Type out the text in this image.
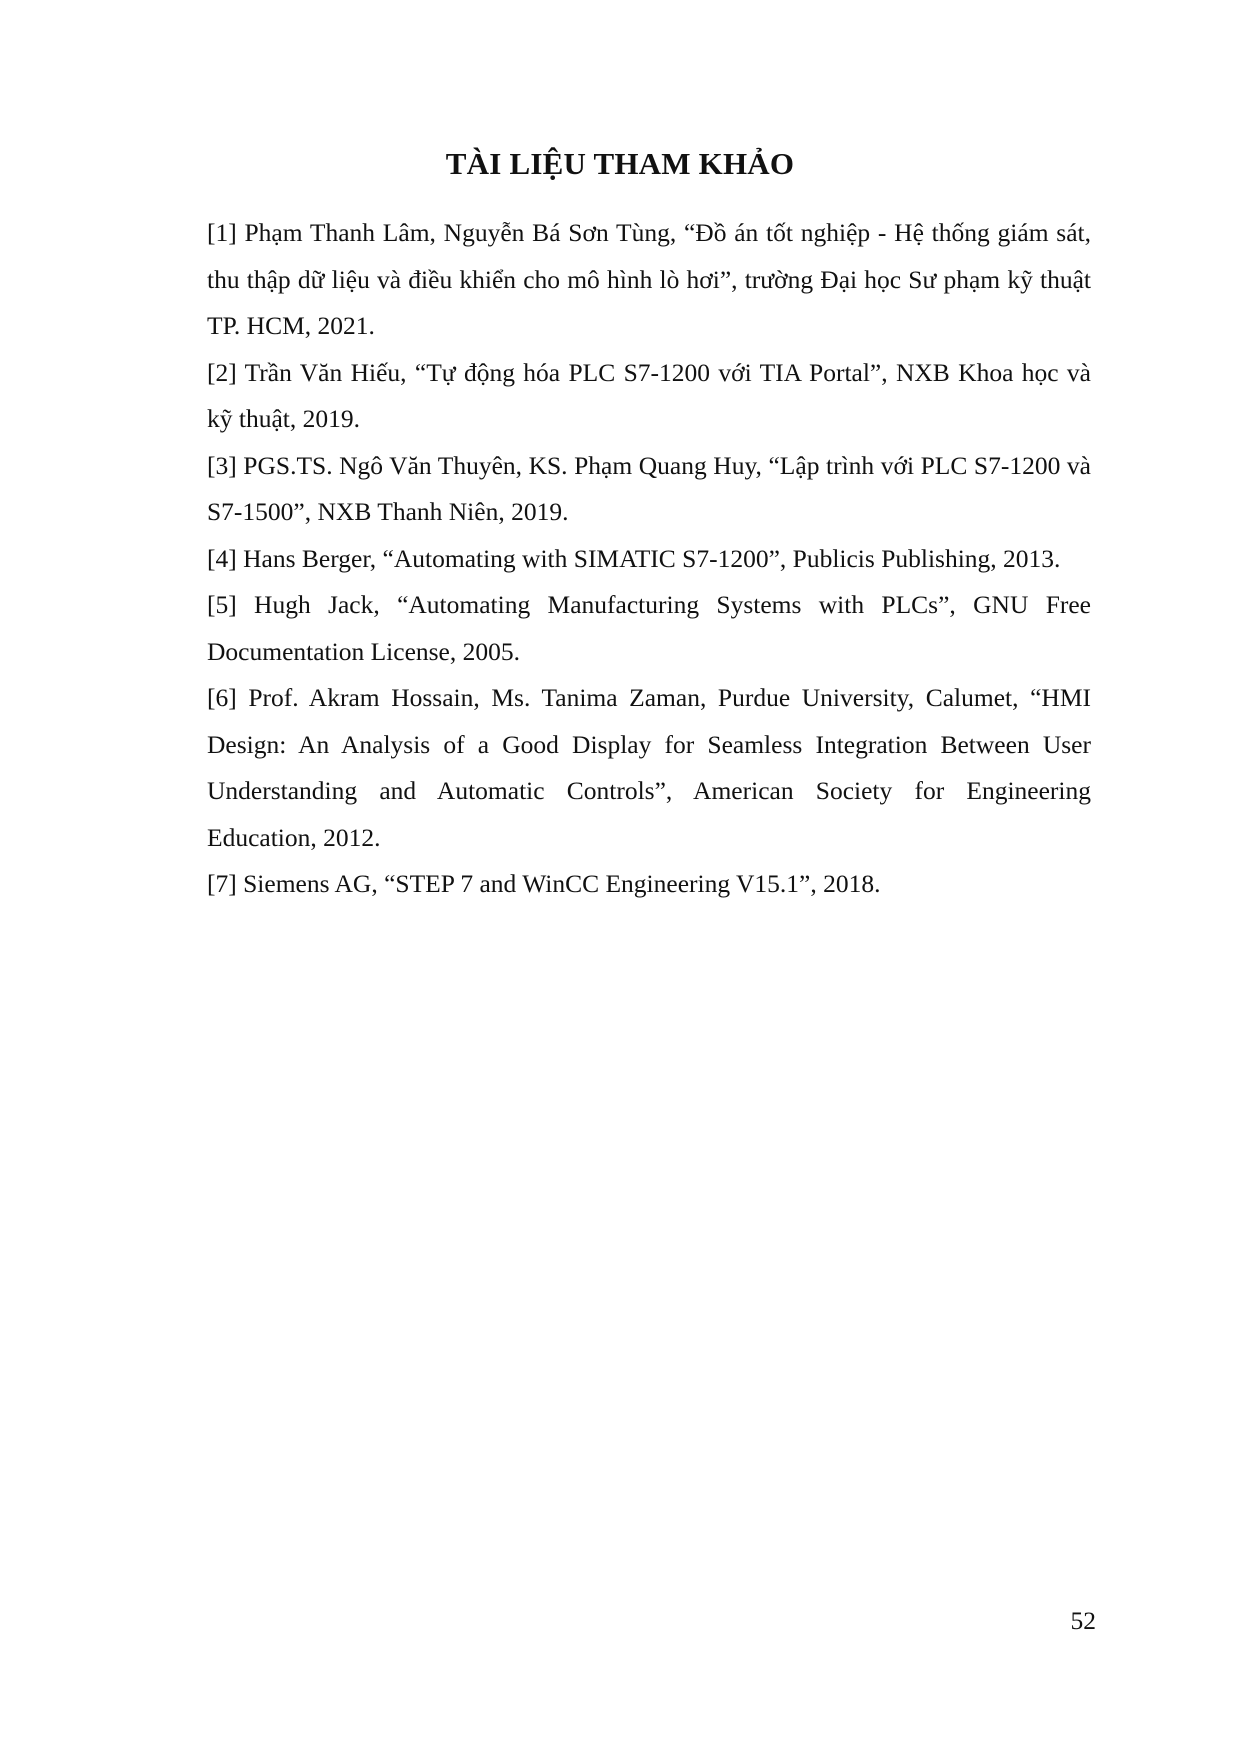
TÀI LIỆU THAM KHẢO

[1] Phạm Thanh Lâm, Nguyễn Bá Sơn Tùng, “Đồ án tốt nghiệp - Hệ thống giám sát, thu thập dữ liệu và điều khiển cho mô hình lò hơi”, trường Đại học Sư phạm kỹ thuật TP. HCM, 2021.

[2] Trần Văn Hiếu, “Tự động hóa PLC S7-1200 với TIA Portal”, NXB Khoa học và kỹ thuật, 2019.

[3] PGS.TS. Ngô Văn Thuyên, KS. Phạm Quang Huy, “Lập trình với PLC S7-1200 và S7-1500”, NXB Thanh Niên, 2019.

[4] Hans Berger, “Automating with SIMATIC S7-1200”, Publicis Publishing, 2013.

[5] Hugh Jack, “Automating Manufacturing Systems with PLCs”, GNU Free Documentation License, 2005.

[6] Prof. Akram Hossain, Ms. Tanima Zaman, Purdue University, Calumet, “HMI Design: An Analysis of a Good Display for Seamless Integration Between User Understanding and Automatic Controls”, American Society for Engineering Education, 2012.

[7] Siemens AG, “STEP 7 and WinCC Engineering V15.1”, 2018.

52
